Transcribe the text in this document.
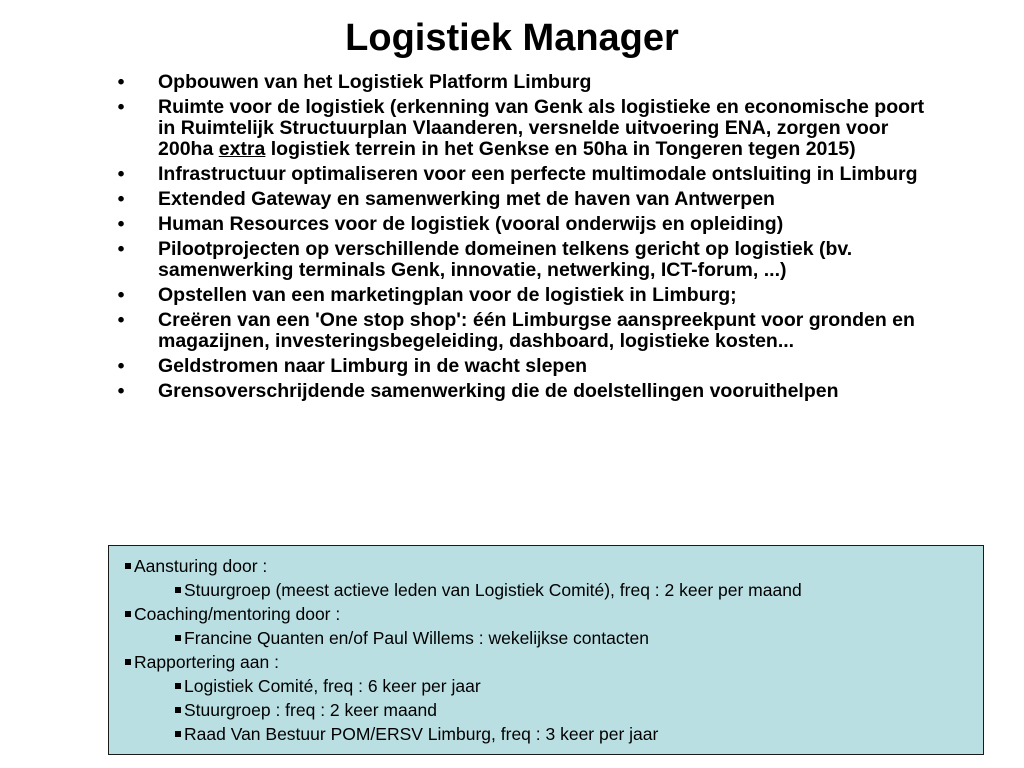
Logistiek Manager
• Opbouwen van het Logistiek Platform Limburg
• Ruimte voor de logistiek (erkenning van Genk als logistieke en economische poort in Ruimtelijk Structuurplan Vlaanderen, versnelde uitvoering ENA, zorgen voor 200ha extra logistiek terrein in het Genkse en 50ha in Tongeren tegen 2015)
• Infrastructuur optimaliseren voor een perfecte multimodale ontsluiting in Limburg
• Extended Gateway en samenwerking met de haven van Antwerpen
• Human Resources voor de logistiek (vooral onderwijs en opleiding)
• Pilootprojecten op verschillende domeinen telkens gericht op logistiek (bv. samenwerking terminals Genk, innovatie, netwerking, ICT-forum, ...)
• Opstellen van een marketingplan voor de logistiek in Limburg;
• Creëren van een 'One stop shop': één Limburgse aanspreekpunt voor gronden en magazijnen, investeringsbegeleiding, dashboard, logistieke kosten...
• Geldstromen naar Limburg in de wacht slepen
• Grensoverschrijdende samenwerking die de doelstellingen vooruithelpen
Aansturing door :
Stuurgroep (meest actieve leden van Logistiek Comité), freq : 2 keer per maand
Coaching/mentoring door :
Francine Quanten en/of Paul Willems : wekelijkse contacten
Rapportering aan :
Logistiek Comité, freq : 6 keer per jaar
Stuurgroep : freq : 2 keer maand
Raad Van Bestuur POM/ERSV Limburg, freq : 3 keer per jaar
